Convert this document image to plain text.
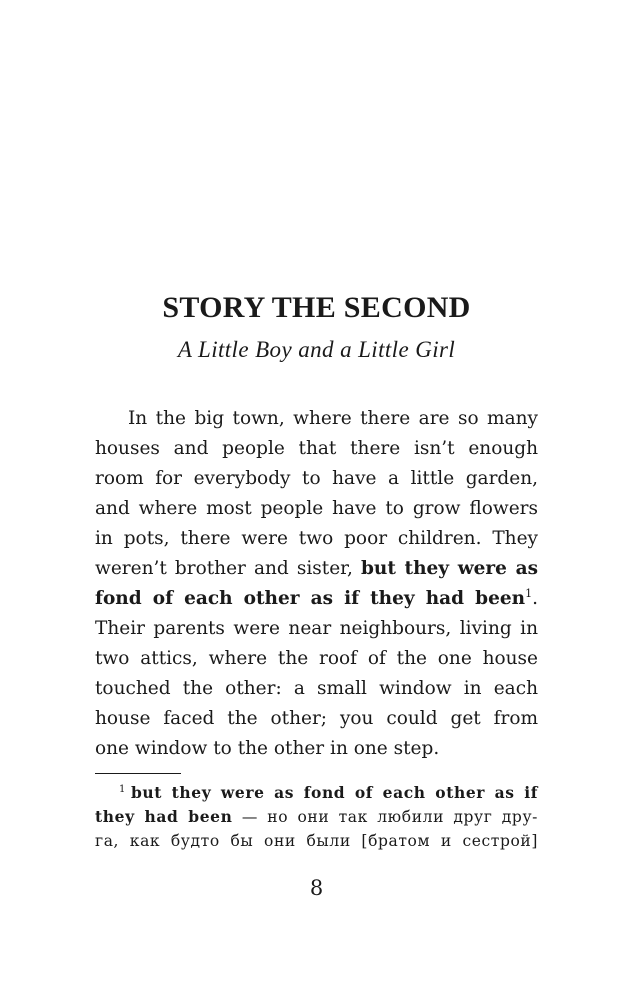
STORY THE SECOND
A Little Boy and a Little Girl
In the big town, where there are so many
houses and people that there isn’t enough
room for everybody to have a little garden,
and where most people have to grow flowers
in pots, there were two poor children. They
weren’t brother and sister, but they were as
fond of each other as if they had been$^1$.
Their parents were near neighbours, living in
two attics, where the roof of the one house
touched the other: a small window in each
house faced the other; you could get from
one window to the other in one step.
$^1$ but they were as fond of each other as if
they had been — но они так любили друг дру-
га, как будто бы они были [братом и сестрой]
8
